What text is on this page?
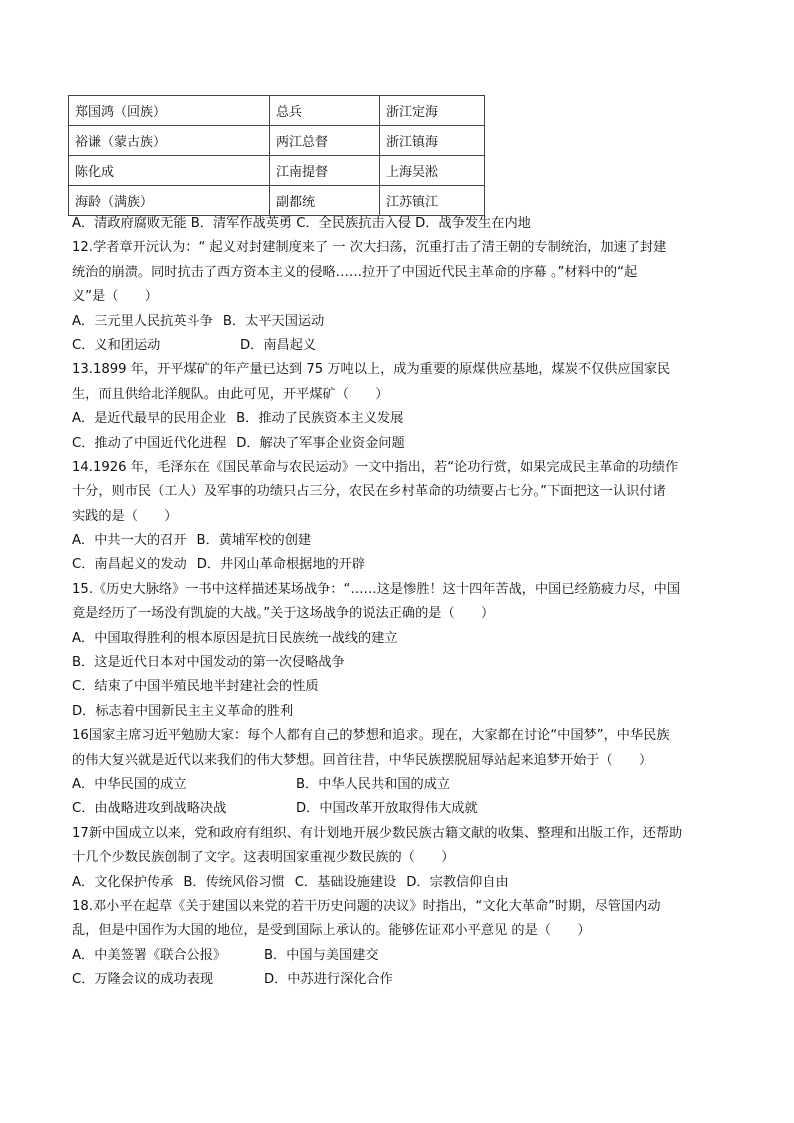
郑国鸿（回族）	总兵	浙江定海
裕谦（蒙古族）	两江总督	浙江镇海
陈化成	江南提督	上海吴淞
海龄（满族）	副都统	江苏镇江
A．清政府腐败无能 B．清军作战英勇 C．全民族抗击入侵 D．战争发生在内地
12.学者章开沅认为：“ 起义对封建制度来了 一 次大扫荡，沉重打击了清王朝的专制统治，加速了封建
统治的崩溃。同时抗击了西方资本主义的侵略……拉开了中国近代民主革命的序幕 。”材料中的“起
义”是（　　）
A．三元里人民抗英斗争 B．太平天国运动
C．义和团运动	D．南昌起义
13.1899 年，开平煤矿的年产量已达到 75 万吨以上，成为重要的原煤供应基地，煤炭不仅供应国家民
生，而且供给北洋舰队。由此可见，开平煤矿（　　）
A．是近代最早的民用企业 B．推动了民族资本主义发展
C．推动了中国近代化进程 D．解决了军事企业资金问题
14.1926 年，毛泽东在《国民革命与农民运动》一文中指出，若“论功行赏，如果完成民主革命的功绩作
十分，则市民（工人）及军事的功绩只占三分，农民在乡村革命的功绩要占七分。”下面把这一认识付诸
实践的是（　　）
A．中共一大的召开 B．黄埔军校的创建
C．南昌起义的发动 D．井冈山革命根据地的开辟
15.《历史大脉络》一书中这样描述某场战争：“……这是惨胜！这十四年苦战，中国已经筋疲力尽，中国
竟是经历了一场没有凯旋的大战。”关于这场战争的说法正确的是（　　）
A．中国取得胜利的根本原因是抗日民族统一战线的建立
B．这是近代日本对中国发动的第一次侵略战争
C．结束了中国半殖民地半封建社会的性质
D．标志着中国新民主主义革命的胜利
16国家主席习近平勉励大家：每个人都有自己的梦想和追求。现在，大家都在讨论“中国梦”，中华民族
的伟大复兴就是近代以来我们的伟大梦想。回首往昔，中华民族摆脱屈辱站起来追梦开始于（　　）
A．中华民国的成立	B．中华人民共和国的成立
C．由战略进攻到战略决战	D．中国改革开放取得伟大成就
17新中国成立以来，党和政府有组织、有计划地开展少数民族古籍文献的收集、整理和出版工作，还帮助
十几个少数民族创制了文字。这表明国家重视少数民族的（　　）
A．文化保护传承 B．传统风俗习惯 C．基础设施建设 D．宗教信仰自由
18.邓小平在起草《关于建国以来党的若干历史问题的决议》时指出，“文化大革命”时期，尽管国内动
乱，但是中国作为大国的地位，是受到国际上承认的。能够佐证邓小平意见 的是（　　）
A．中美签署《联合公报》	B．中国与美国建交
C．万隆会议的成功表现	D．中苏进行深化合作
